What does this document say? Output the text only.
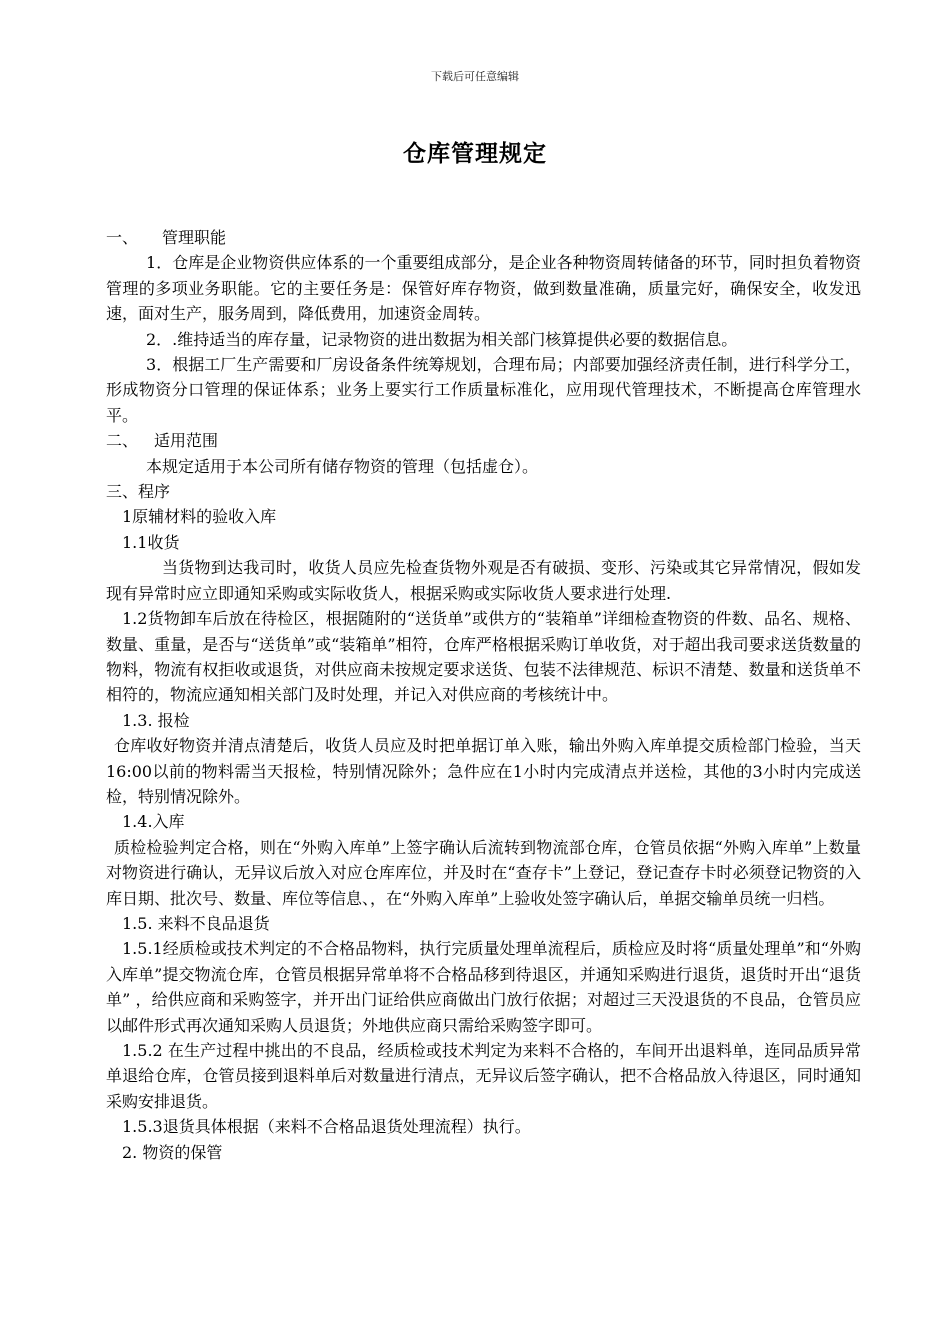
下载后可任意编辑
仓库管理规定

一、 管理职能

1．仓库是企业物资供应体系的一个重要组成部分，是企业各种物资周转储备的环节，同时担负着物资管理的多项业务职能。它的主要任务是：保管好库存物资，做到数量准确，质量完好，确保安全，收发迅速，面对生产，服务周到，降低费用，加速资金周转。

2．.维持适当的库存量，记录物资的进出数据为相关部门核算提供必要的数据信息。

3．根据工厂生产需要和厂房设备条件统筹规划，合理布局；内部要加强经济责任制，进行科学分工，形成物资分口管理的保证体系；业务上要实行工作质量标准化，应用现代管理技术，不断提高仓库管理水平。

二、 适用范围

本规定适用于本公司所有储存物资的管理（包括虚仓）。

三、程序

1原辅材料的验收入库

1.1收货

当货物到达我司时，收货人员应先检查货物外观是否有破损、变形、污染或其它异常情况，假如发现有异常时应立即通知采购或实际收货人，根据采购或实际收货人要求进行处理.

1.2货物卸车后放在待检区，根据随附的“送货单”或供方的“装箱单”详细检查物资的件数、品名、规格、数量、重量，是否与“送货单”或“装箱单”相符，仓库严格根据采购订单收货，对于超出我司要求送货数量的物料，物流有权拒收或退货，对供应商未按规定要求送货、包装不法律规范、标识不清楚、数量和送货单不相符的，物流应通知相关部门及时处理，并记入对供应商的考核统计中。

1.3. 报检

仓库收好物资并清点清楚后，收货人员应及时把单据订单入账，输出外购入库单提交质检部门检验，当天16:00以前的物料需当天报检，特别情况除外；急件应在1小时内完成清点并送检，其他的3小时内完成送检，特别情况除外。

1.4.入库

质检检验判定合格，则在“外购入库单”上签字确认后流转到物流部仓库，仓管员依据“外购入库单”上数量对物资进行确认，无异议后放入对应仓库库位，并及时在“查存卡”上登记，登记查存卡时必须登记物资的入库日期、批次号、数量、库位等信息、，在“外购入库单”上验收处签字确认后，单据交输单员统一归档。

1.5. 来料不良品退货

1.5.1经质检或技术判定的不合格品物料，执行完质量处理单流程后，质检应及时将“质量处理单”和“外购入库单”提交物流仓库，仓管员根据异常单将不合格品移到待退区，并通知采购进行退货，退货时开出“退货单” ，给供应商和采购签字，并开出门证给供应商做出门放行依据；对超过三天没退货的不良品，仓管员应以邮件形式再次通知采购人员退货；外地供应商只需给采购签字即可。

1.5.2 在生产过程中挑出的不良品，经质检或技术判定为来料不合格的，车间开出退料单，连同品质异常单退给仓库，仓管员接到退料单后对数量进行清点，无异议后签字确认，把不合格品放入待退区，同时通知采购安排退货。

1.5.3退货具体根据（来料不合格品退货处理流程）执行。

2. 物资的保管
